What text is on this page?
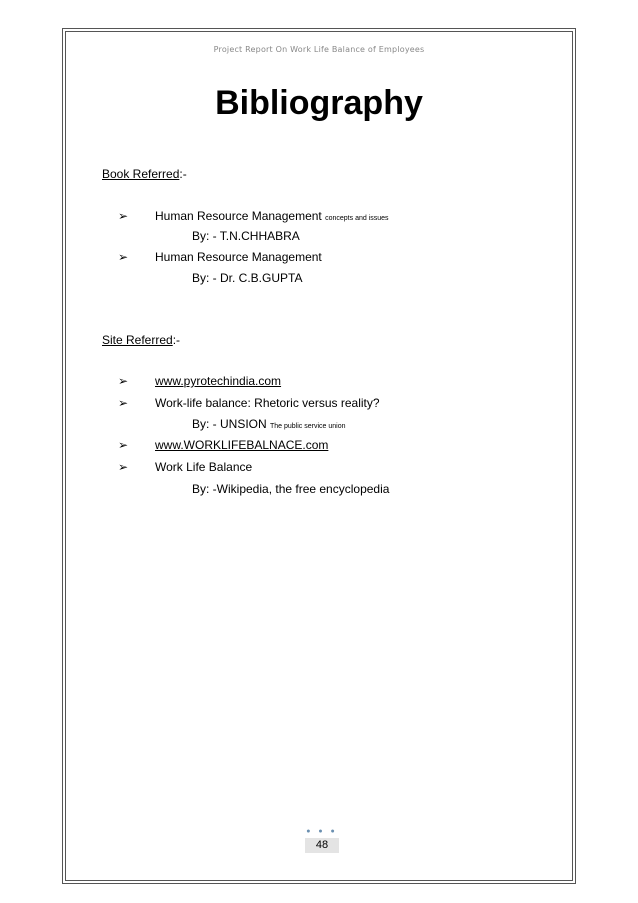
Project Report On Work Life Balance of Employees
Bibliography
Book Referred:-
➢ Human Resource Management concepts and issues
By: - T.N.CHHABRA
➢ Human Resource Management
By: - Dr. C.B.GUPTA
Site Referred:-
➢ www.pyrotechindia.com
➢ Work-life balance: Rhetoric versus reality?
By: - UNSION The public service union
➢ www.WORKLIFEBALNACE.com
➢ Work Life Balance
By: -Wikipedia, the free encyclopedia
● ● ●
48
